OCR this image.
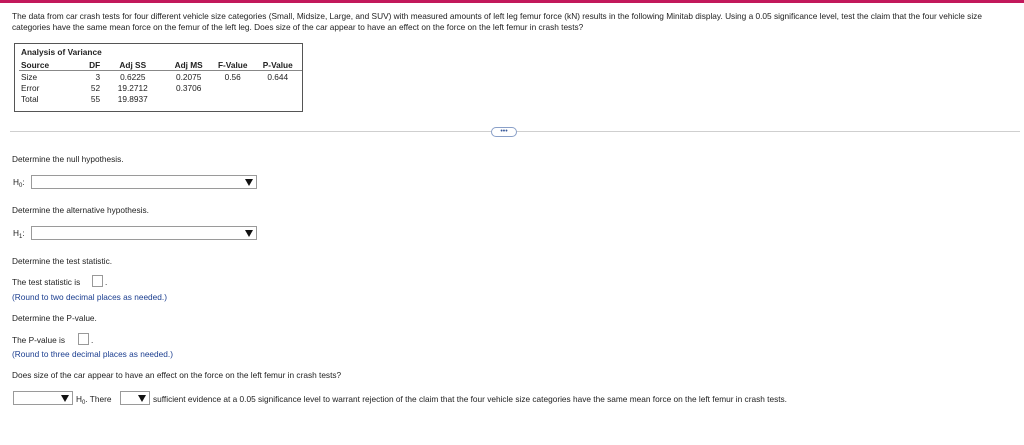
The data from car crash tests for four different vehicle size categories (Small, Midsize, Large, and SUV) with measured amounts of left leg femur force (kN) results in the following Minitab display. Using a 0.05 significance level, test the claim that the four vehicle size categories have the same mean force on the femur of the left leg. Does size of the car appear to have an effect on the force on the left femur in crash tests?
Analysis of Variance
Source	DF	Adj SS	Adj MS	F-Value	P-Value
Size	3	0.6225	0.2075	0.56	0.644
Error	52	19.2712	0.3706		
Total	55	19.8937			
•••
Determine the null hypothesis.
$H_0$:
Determine the alternative hypothesis.
$H_1$:
Determine the test statistic.
The test statistic is	.
(Round to two decimal places as needed.)
Determine the P-value.
The P-value is	.
(Round to three decimal places as needed.)
Does size of the car appear to have an effect on the force on the left femur in crash tests?
$H_0$. There	sufficient evidence at a 0.05 significance level to warrant rejection of the claim that the four vehicle size categories have the same mean force on the left femur in crash tests.
